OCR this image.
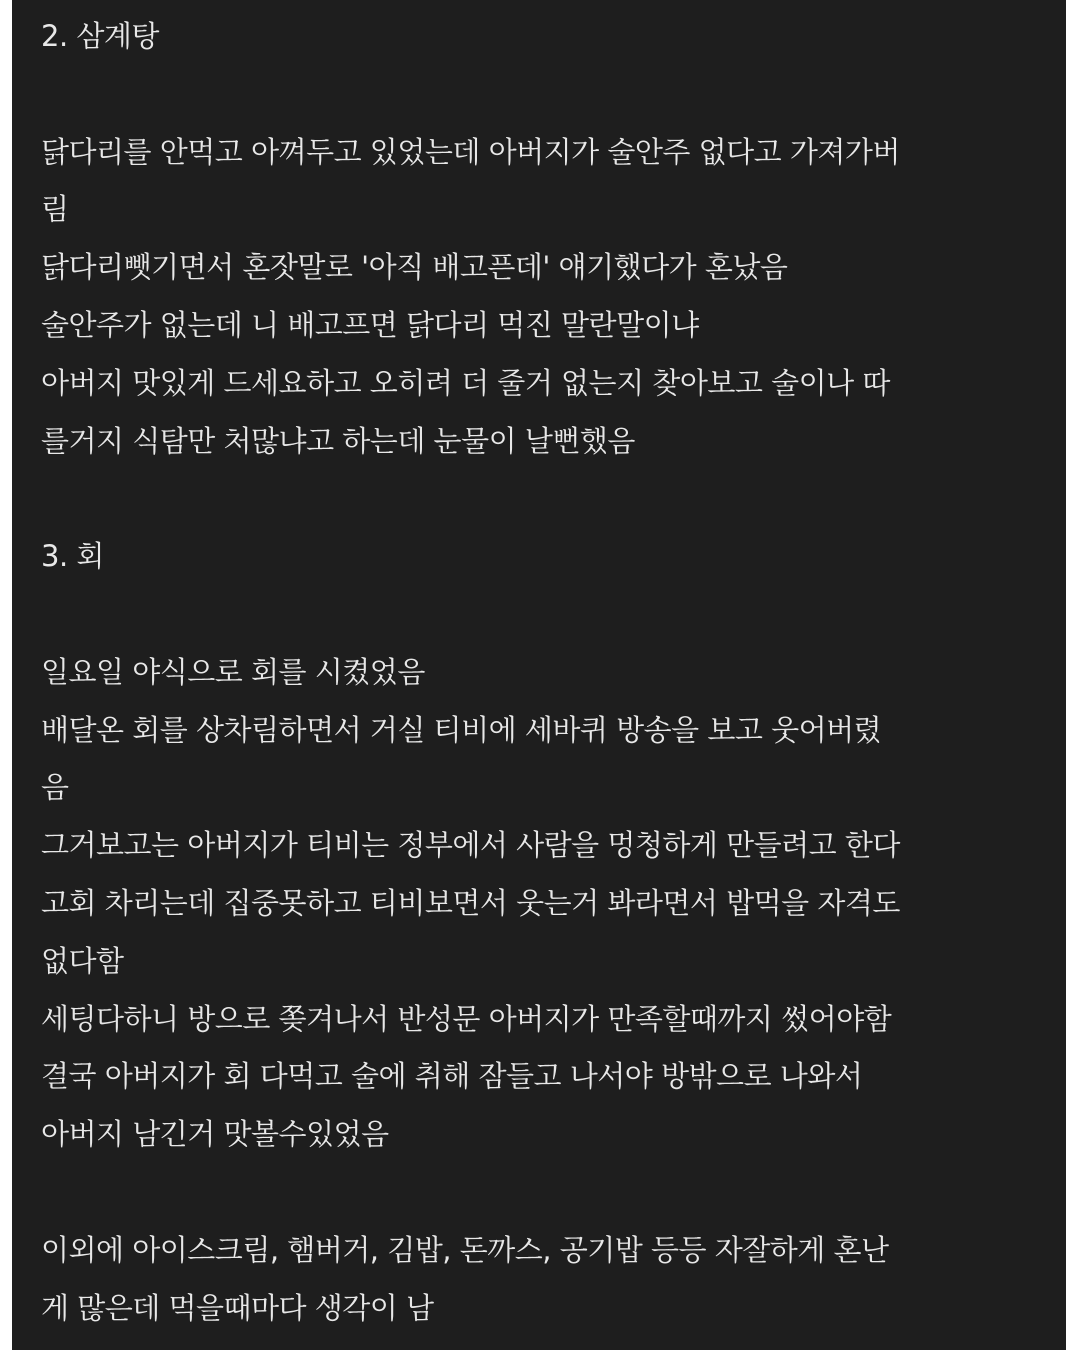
2. 삼계탕
닭다리를 안먹고 아껴두고 있었는데 아버지가 술안주 없다고 가져가버
림
닭다리뺏기면서 혼잣말로 '아직 배고픈데' 얘기했다가 혼났음
술안주가 없는데 니 배고프면 닭다리 먹진 말란말이냐
아버지 맛있게 드세요하고 오히려 더 줄거 없는지 찾아보고 술이나 따
를거지 식탐만 처많냐고 하는데 눈물이 날뻔했음
3. 회
일요일 야식으로 회를 시켰었음
배달온 회를 상차림하면서 거실 티비에 세바퀴 방송을 보고 웃어버렸
음
그거보고는 아버지가 티비는 정부에서 사람을 멍청하게 만들려고 한다
고회 차리는데 집중못하고 티비보면서 웃는거 봐라면서 밥먹을 자격도
없다함
세팅다하니 방으로 쫒겨나서 반성문 아버지가 만족할때까지 썼어야함
결국 아버지가 회 다먹고 술에 취해 잠들고 나서야 방밖으로 나와서
아버지 남긴거 맛볼수있었음
이외에 아이스크림, 햄버거, 김밥, 돈까스, 공기밥 등등 자잘하게 혼난
게 많은데 먹을때마다 생각이 남
